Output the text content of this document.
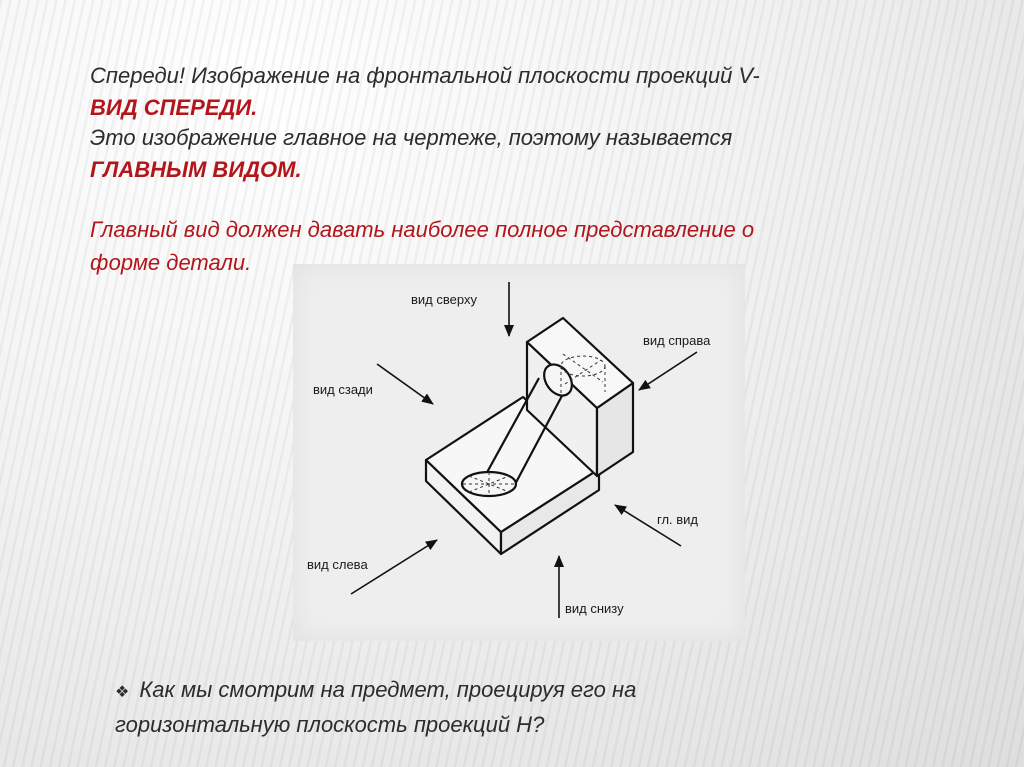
Спереди! Изображение на фронтальной плоскости проекций V-
ВИД СПЕРЕДИ.
Это изображение главное на чертеже, поэтому называется
ГЛАВНЫМ ВИДОМ.
Главный вид должен давать наиболее полное представление о
форме детали.
вид сверху
вид справа
вид сзади
гл. вид
вид слева
вид снизу
❖ Как мы смотрим на предмет, проецируя его на
горизонтальную плоскость проекций H?
